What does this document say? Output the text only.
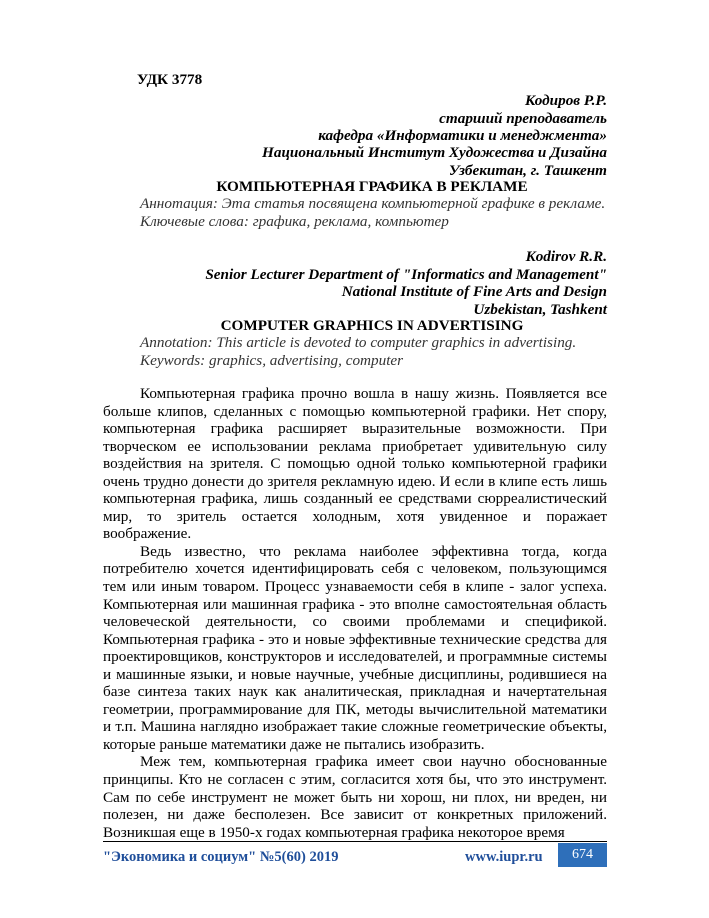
УДК 3778
Кодиров Р.Р.
старший преподаватель
кафедра «Информатики и менеджмента»
Национальный Институт Художества и Дизайна
Узбекитан, г. Ташкент
КОМПЬЮТЕРНАЯ ГРАФИКА В РЕКЛАМЕ
Аннотация: Эта статья посвящена компьютерной графике в рекламе.
Ключевые слова: графика, реклама, компьютер
Kodirov R.R.
Senior Lecturer Department of "Informatics and Management"
National Institute of Fine Arts and Design
Uzbekistan, Tashkent
COMPUTER GRAPHICS IN ADVERTISING
Annotation: This article is devoted to computer graphics in advertising.
Keywords: graphics, advertising, computer

Компьютерная графика прочно вошла в нашу жизнь. Появляется все больше клипов, сделанных с помощью компьютерной графики. Нет спору, компьютерная графика расширяет выразительные возможности. При творческом ее использовании реклама приобретает удивительную силу воздействия на зрителя. С помощью одной только компьютерной графики очень трудно донести до зрителя рекламную идею. И если в клипе есть лишь компьютерная графика, лишь созданный ее средствами сюрреалистический мир, то зритель остается холодным, хотя увиденное и поражает воображение.

Ведь известно, что реклама наиболее эффективна тогда, когда потребителю хочется идентифицировать себя с человеком, пользующимся тем или иным товаром. Процесс узнаваемости себя в клипе - залог успеха. Компьютерная или машинная графика - это вполне самостоятельная область человеческой деятельности, со своими проблемами и спецификой. Компьютерная графика - это и новые эффективные технические средства для проектировщиков, конструкторов и исследователей, и программные системы и машинные языки, и новые научные, учебные дисциплины, родившиеся на базе синтеза таких наук как аналитическая, прикладная и начертательная геометрии, программирование для ПК, методы вычислительной математики и т.п. Машина наглядно изображает такие сложные геометрические объекты, которые раньше математики даже не пытались изобразить.

Меж тем, компьютерная графика имеет свои научно обоснованные принципы. Кто не согласен с этим, согласится хотя бы, что это инструмент. Сам по себе инструмент не может быть ни хорош, ни плох, ни вреден, ни полезен, ни даже бесполезен. Все зависит от конкретных приложений. Возникшая еще в 1950-х годах компьютерная графика некоторое время

"Экономика и социум" №5(60) 2019	www.iupr.ru	674
